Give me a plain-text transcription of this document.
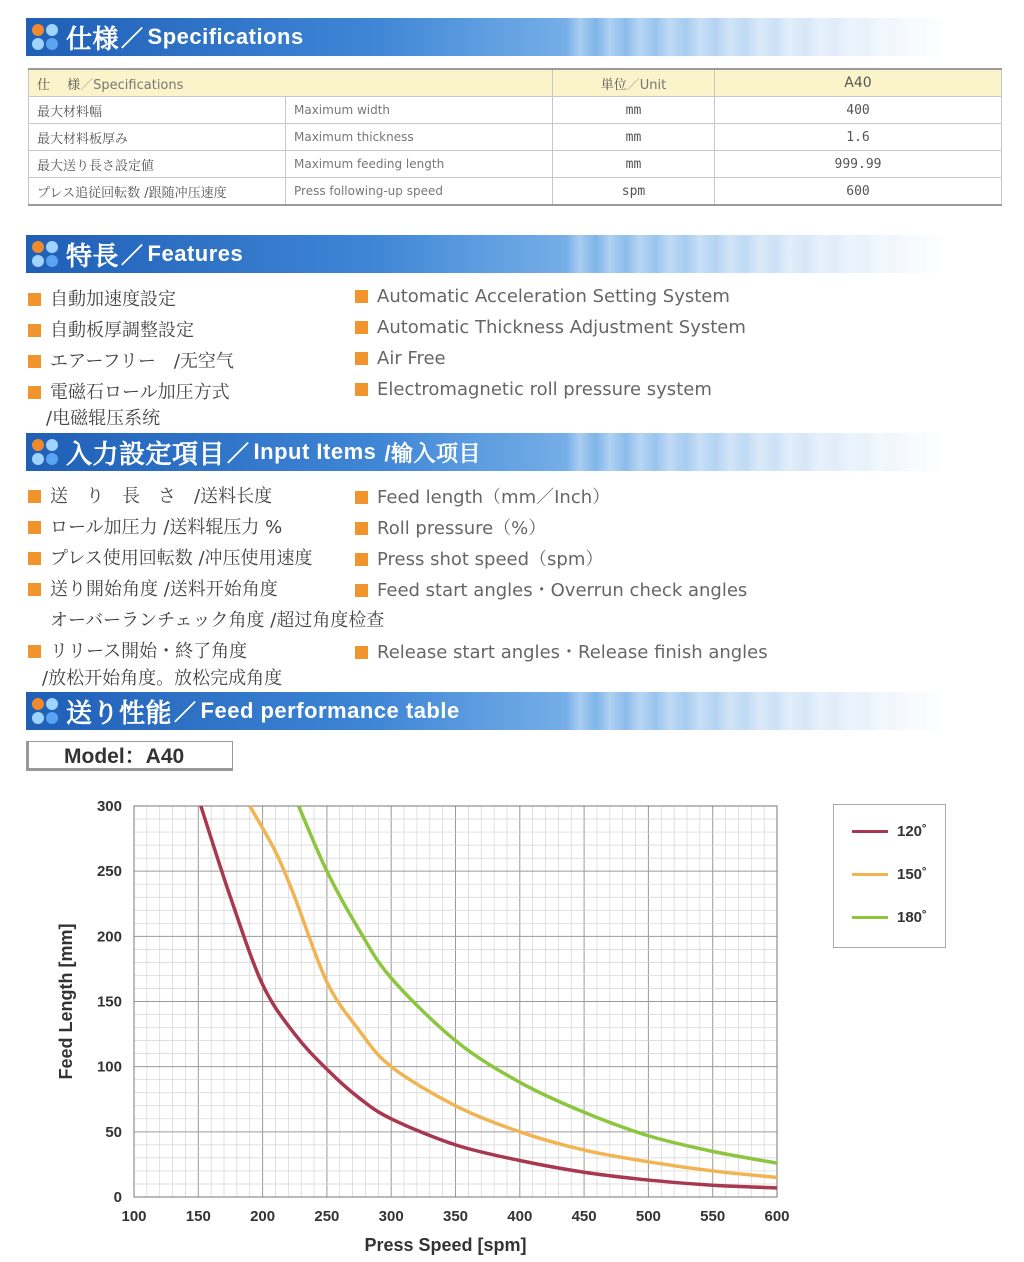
仕様 ／ Specifications
仕　 様／Specifications		単位／Unit	A40
最大材料幅	Maximum width	mm	400
最大材料板厚み	Maximum thickness	mm	1.6
最大送り長さ設定値	Maximum feeding length	mm	999.99
プレス追従回転数 /跟随冲压速度	Press following-up speed	spm	600
特長 ／ Features
自動加速度設定
自動板厚調整設定
エアーフリー　/无空气
電磁石ロール加圧方式
/电磁辊压系统
Automatic Acceleration Setting System
Automatic Thickness Adjustment System
Air Free
Electromagnetic roll pressure system
入力設定項目 ／ Input Items /输入项目
送　り　長　さ　/送料长度
ロール加圧力 /送料辊压力 %
プレス使用回転数 /冲压使用速度
送り開始角度 /送料开始角度
オーバーランチェック角度 /超过角度检查
リリース開始・終了角度
/放松开始角度。放松完成角度
Feed length（mm／Inch）
Roll pressure（%）
Press shot speed（spm）
Feed start angles・Overrun check angles
Release start angles・Release finish angles
送り性能 ／ Feed performance table
Model：A40
100	150	200	250	300	350	400	450	500	550	600
0
50
100
150
200
250
300
Press Speed [spm]
Feed Length [mm]
120˚
150˚
180˚
